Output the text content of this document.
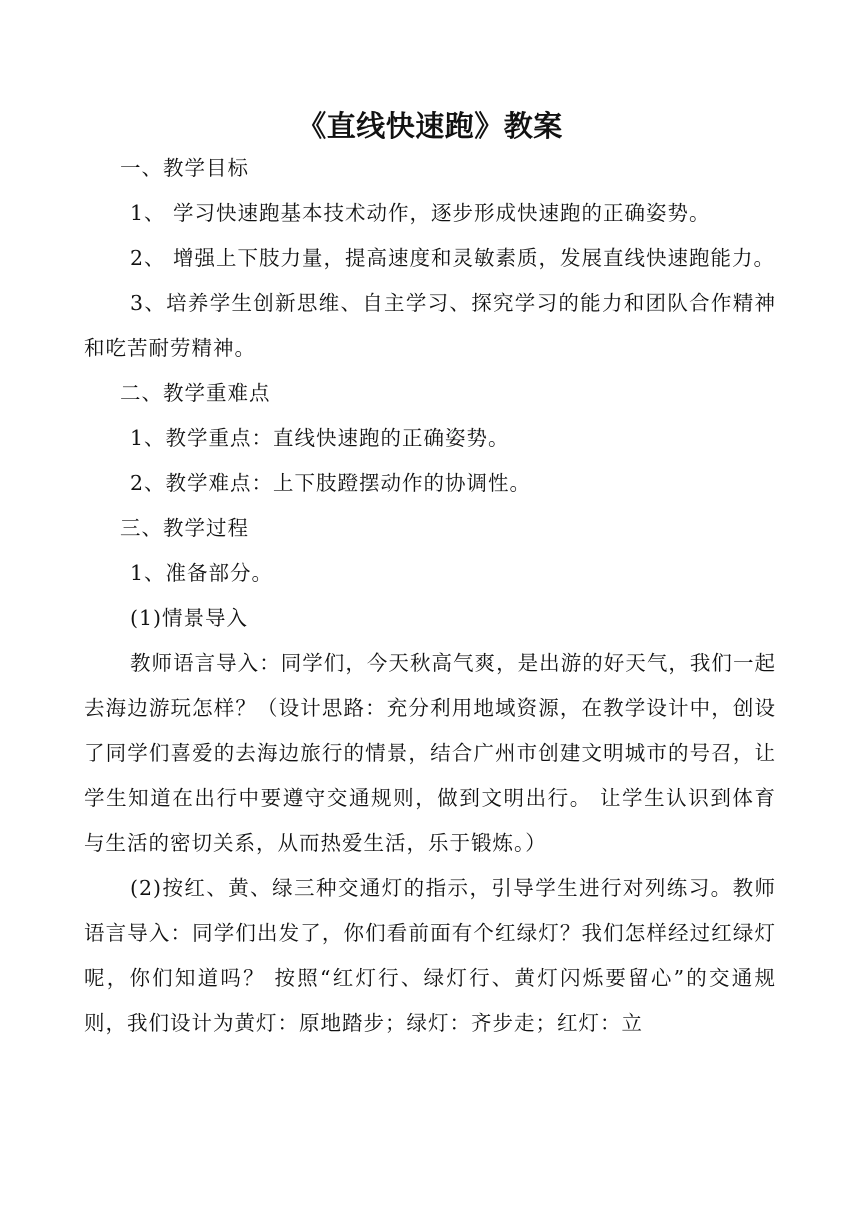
《直线快速跑》教案

一、教学目标

1、 学习快速跑基本技术动作，逐步形成快速跑的正确姿势。

2、 增强上下肢力量，提高速度和灵敏素质，发展直线快速跑能力。

3、培养学生创新思维、自主学习、探究学习的能力和团队合作精神和吃苦耐劳精神。

二、教学重难点

1、教学重点：直线快速跑的正确姿势。

2、教学难点：上下肢蹬摆动作的协调性。

三、教学过程

1、准备部分。

(1)情景导入

教师语言导入：同学们，今天秋高气爽，是出游的好天气，我们一起去海边游玩怎样？（设计思路：充分利用地域资源，在教学设计中，创设了同学们喜爱的去海边旅行的情景，结合广州市创建文明城市的号召，让学生知道在出行中要遵守交通规则，做到文明出行。 让学生认识到体育与生活的密切关系，从而热爱生活，乐于锻炼。）

(2)按红、黄、绿三种交通灯的指示，引导学生进行对列练习。教师语言导入：同学们出发了，你们看前面有个红绿灯？我们怎样经过红绿灯呢，你们知道吗？ 按照“红灯行、绿灯行、黄灯闪烁要留心”的交通规则，我们设计为黄灯：原地踏步；绿灯：齐步走；红灯：立
